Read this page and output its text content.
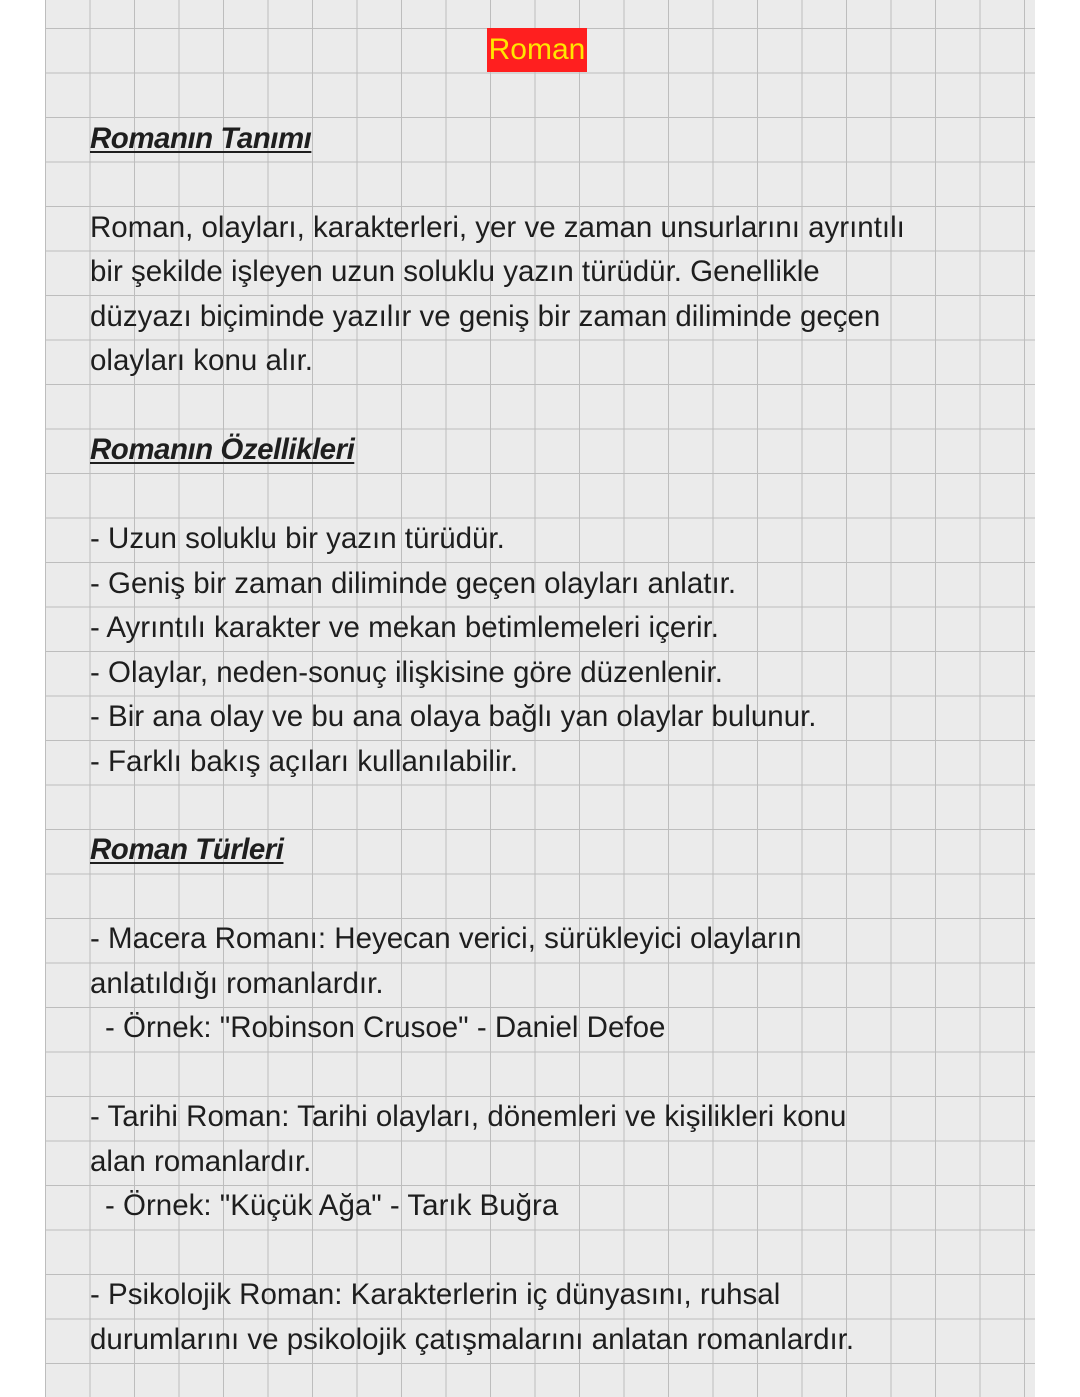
Roman
Romanın Tanımı
Roman, olayları, karakterleri, yer ve zaman unsurlarını ayrıntılı
bir şekilde işleyen uzun soluklu yazın türüdür. Genellikle
düzyazı biçiminde yazılır ve geniş bir zaman diliminde geçen
olayları konu alır.
Romanın Özellikleri
- Uzun soluklu bir yazın türüdür.
- Geniş bir zaman diliminde geçen olayları anlatır.
- Ayrıntılı karakter ve mekan betimlemeleri içerir.
- Olaylar, neden-sonuç ilişkisine göre düzenlenir.
- Bir ana olay ve bu ana olaya bağlı yan olaylar bulunur.
- Farklı bakış açıları kullanılabilir.
Roman Türleri
- Macera Romanı: Heyecan verici, sürükleyici olayların
anlatıldığı romanlardır.
- Örnek: "Robinson Crusoe" - Daniel Defoe
- Tarihi Roman: Tarihi olayları, dönemleri ve kişilikleri konu
alan romanlardır.
- Örnek: "Küçük Ağa" - Tarık Buğra
- Psikolojik Roman: Karakterlerin iç dünyasını, ruhsal
durumlarını ve psikolojik çatışmalarını anlatan romanlardır.
